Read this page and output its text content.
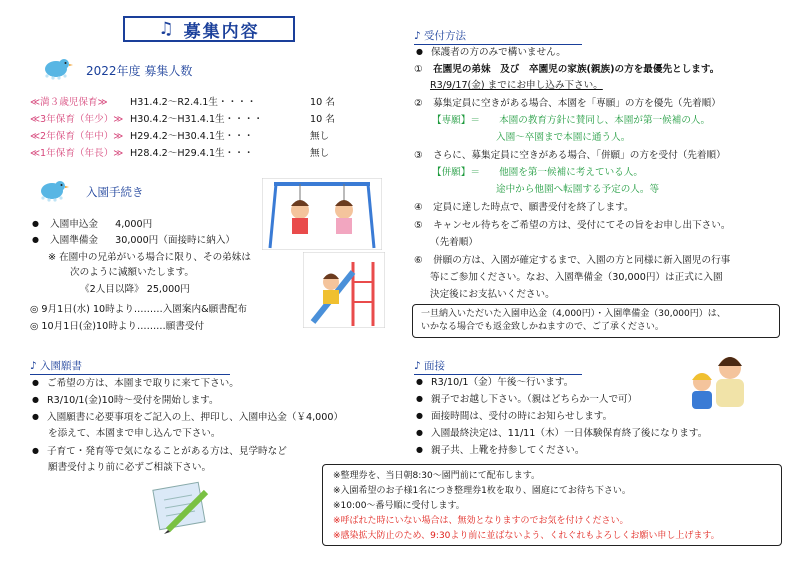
♫ 募集内容
2022年度 募集人数
≪満３歳児保育≫	H31.4.2～R2.4.1生・・・・	10 名
≪3年保育（年少）≫ H30.4.2～H31.4.1生・・・・	10 名
≪2年保育（年中）≫ H29.4.2～H30.4.1生・・・	無し
≪1年保育（年長）≫ H28.4.2～H29.4.1生・・・	無し
入園手続き
● 入園申込金 4,000円
● 入園準備金 30,000円（面接時に納入）
※ 在園中の兄弟がいる場合に限り、その弟妹は
次のように減額いたします。
《2人目以降》 25,000円
◎ 9月1日(水) 10時より………入園案内&願書配布
◎ 10月1日(金)10時より………願書受付
♪ 入園願書
● ご希望の方は、本園まで取りに来て下さい。
● R3/10/1(金)10時～受付を開始します。
● 入園願書に必要事項をご記入の上、押印し、入園申込金（￥4,000）
を添えて、本園まで申し込んで下さい。
● 子育て・発育等で気になることがある方は、見学時など
願書受付より前に必ずご相談下さい。
♪ 受付方法
● 保護者の方のみで構いません。
① 在園児の弟妹　及び　卒園児の家族(親族)の方を最優先とします。
R3/9/17(金) までにお申し込み下さい。
② 募集定員に空きがある場合、本園を「専願」の方を優先（先着順）
【専願】＝ 本園の教育方針に賛同し、本園が第一候補の人。
入園～卒園まで本園に通う人。
③ さらに、募集定員に空きがある場合、「併願」の方を受付（先着順）
【併願】＝ 他園を第一候補に考えている人。
途中から他園へ転園する予定の人。等
④ 定員に達した時点で、願書受付を終了します。
⑤ キャンセル待ちをご希望の方は、受付にてその旨をお申し出下さい。
（先着順）
⑥ 併願の方は、入園が確定するまで、入園の方と同様に新入園児の行事
等にご参加ください。なお、入園準備金（30,000円）は正式に入園
決定後にお支払いください。
一旦納入いただいた入園申込金（4,000円）・入園準備金（30,000円）は、
いかなる場合でも返金致しかねますので、ご了承ください。
♪ 面接
● R3/10/1（金）午後～行います。
● 親子でお越し下さい。（親はどちらか一人で可）
● 面接時間は、受付の時にお知らせします。
● 入園最終決定は、11/11（木）一日体験保育終了後になります。
● 親子共、上靴を持参してください。
※整理券を、当日朝8:30～園門前にて配布します。
※入園希望のお子様1名につき整理券1枚を取り、園庭にてお待ち下さい。
※10:00～番号順に受付します。
※呼ばれた時にいない場合は、無効となりますのでお気を付けください。
※感染拡大防止のため、9:30より前に並ばないよう、くれぐれもよろしくお願い申し上げます。
